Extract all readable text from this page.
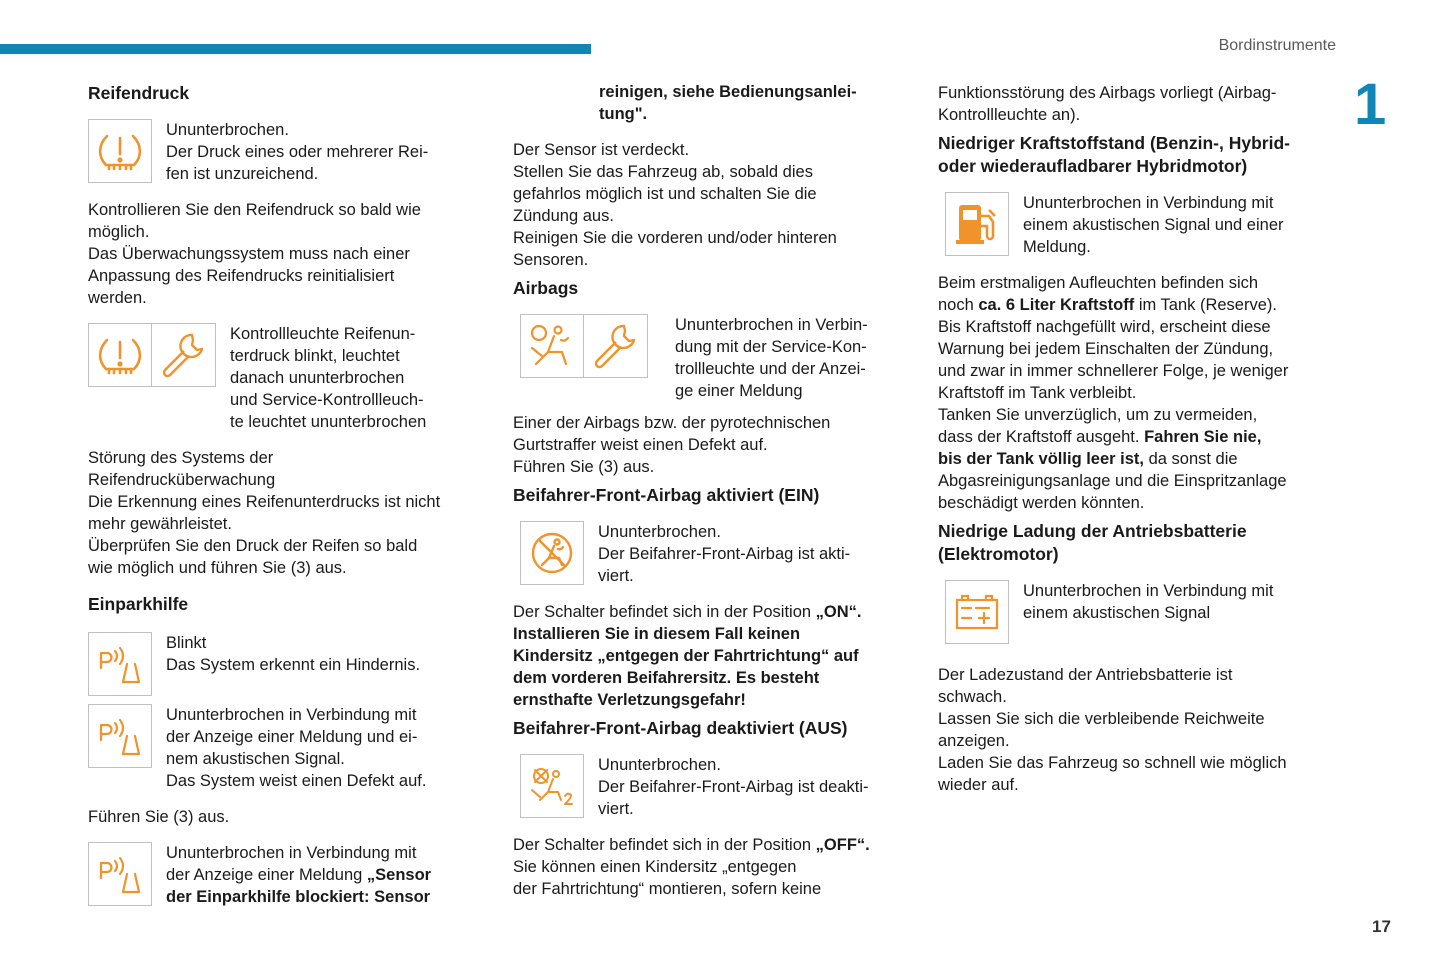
Bordinstrumente
1
17
Reifendruck
Ununterbrochen.
Der Druck eines oder mehrerer Rei-
fen ist unzureichend.

Kontrollieren Sie den Reifendruck so bald wie
möglich.
Das Überwachungssystem muss nach einer
Anpassung des Reifendrucks reinitialisiert
werden.

Kontrollleuchte Reifenun-
terdruck blinkt, leuchtet
danach ununterbrochen
und Service-Kontrollleuch-
te leuchtet ununterbrochen

Störung des Systems der
Reifendrucküberwachung
Die Erkennung eines Reifenunterdrucks ist nicht
mehr gewährleistet.
Überprüfen Sie den Druck der Reifen so bald
wie möglich und führen Sie (3) aus.

Einparkhilfe
Blinkt
Das System erkennt ein Hindernis.
Ununterbrochen in Verbindung mit
der Anzeige einer Meldung und ei-
nem akustischen Signal.
Das System weist einen Defekt auf.

Führen Sie (3) aus.

Ununterbrochen in Verbindung mit
der Anzeige einer Meldung „Sensor
der Einparkhilfe blockiert: Sensor
reinigen, siehe Bedienungsanlei-
tung".

Der Sensor ist verdeckt.
Stellen Sie das Fahrzeug ab, sobald dies
gefahrlos möglich ist und schalten Sie die
Zündung aus.
Reinigen Sie die vorderen und/oder hinteren
Sensoren.

Airbags
Ununterbrochen in Verbin-
dung mit der Service-Kon-
trollleuchte und der Anzei-
ge einer Meldung

Einer der Airbags bzw. der pyrotechnischen
Gurtstraffer weist einen Defekt auf.
Führen Sie (3) aus.

Beifahrer-Front-Airbag aktiviert (EIN)
Ununterbrochen.
Der Beifahrer-Front-Airbag ist akti-
viert.

Der Schalter befindet sich in der Position „ON“.
Installieren Sie in diesem Fall keinen
Kindersitz „entgegen der Fahrtrichtung“ auf
dem vorderen Beifahrersitz. Es besteht
ernsthafte Verletzungsgefahr!

Beifahrer-Front-Airbag deaktiviert (AUS)
Ununterbrochen.
Der Beifahrer-Front-Airbag ist deakti-
viert.

Der Schalter befindet sich in der Position „OFF“.
Sie können einen Kindersitz „entgegen
der Fahrtrichtung“ montieren, sofern keine

Funktionsstörung des Airbags vorliegt (Airbag-
Kontrollleuchte an).

Niedriger Kraftstoffstand (Benzin-, Hybrid-
oder wiederaufladbarer Hybridmotor)
Ununterbrochen in Verbindung mit
einem akustischen Signal und einer
Meldung.

Beim erstmaligen Aufleuchten befinden sich
noch ca. 6 Liter Kraftstoff im Tank (Reserve).
Bis Kraftstoff nachgefüllt wird, erscheint diese
Warnung bei jedem Einschalten der Zündung,
und zwar in immer schnellerer Folge, je weniger
Kraftstoff im Tank verbleibt.
Tanken Sie unverzüglich, um zu vermeiden,
dass der Kraftstoff ausgeht. Fahren Sie nie,
bis der Tank völlig leer ist, da sonst die
Abgasreinigungsanlage und die Einspritzanlage
beschädigt werden könnten.

Niedrige Ladung der Antriebsbatterie
(Elektromotor)
Ununterbrochen in Verbindung mit
einem akustischen Signal

Der Ladezustand der Antriebsbatterie ist
schwach.
Lassen Sie sich die verbleibende Reichweite
anzeigen.
Laden Sie das Fahrzeug so schnell wie möglich
wieder auf.
